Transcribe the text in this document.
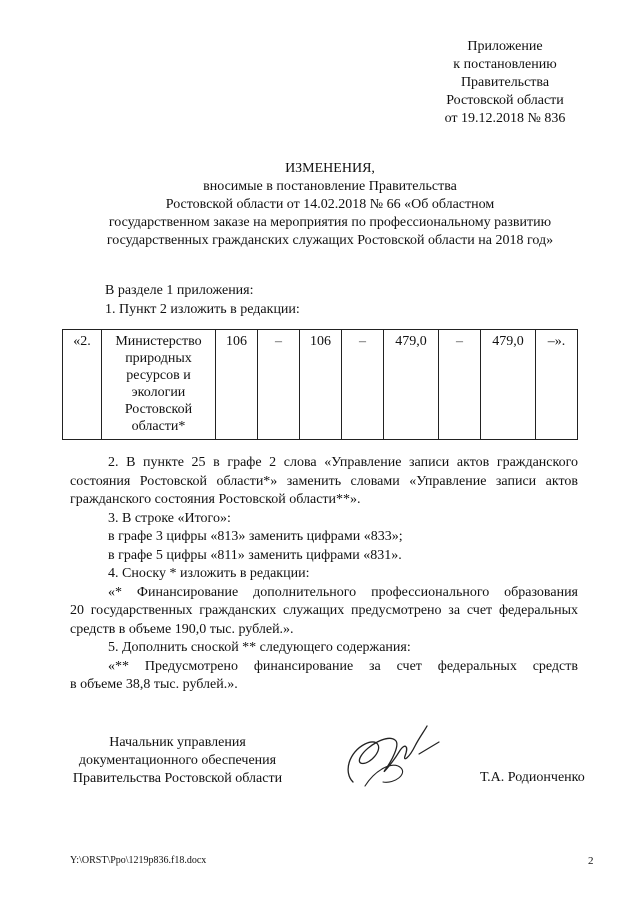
Приложение
к постановлению
Правительства
Ростовской области
от 19.12.2018 № 836
ИЗМЕНЕНИЯ,
вносимые в постановление Правительства
Ростовской области от 14.02.2018 № 66 «Об областном
государственном заказе на мероприятия по профессиональному развитию
государственных гражданских служащих Ростовской области на 2018 год»
В разделе 1 приложения:
1. Пункт 2 изложить в редакции:
«2.	Министерство природных ресурсов и экологии Ростовской области*	106	–	106	–	479,0	–	479,0	–».

2. В пункте 25 в графе 2 слова «Управление записи актов гражданского

состояния Ростовской области*» заменить словами «Управление записи актов

гражданского состояния Ростовской области**».

3. В строке «Итого»:

в графе 3 цифры «813» заменить цифрами «833»;

в графе 5 цифры «811» заменить цифрами «831».

4. Сноску * изложить в редакции:

«* Финансирование дополнительного профессионального образования

20 государственных гражданских служащих предусмотрено за счет федеральных

средств в объеме 190,0 тыс. рублей.».

5. Дополнить сноской ** следующего содержания:

«** Предусмотрено финансирование за счет федеральных средств

в объеме 38,8 тыс. рублей.».

Начальник управления
документационного обеспечения
Правительства Ростовской области	Т.А. Родионченко
Y:\ORST\Ppo\1219p836.f18.docx	2
